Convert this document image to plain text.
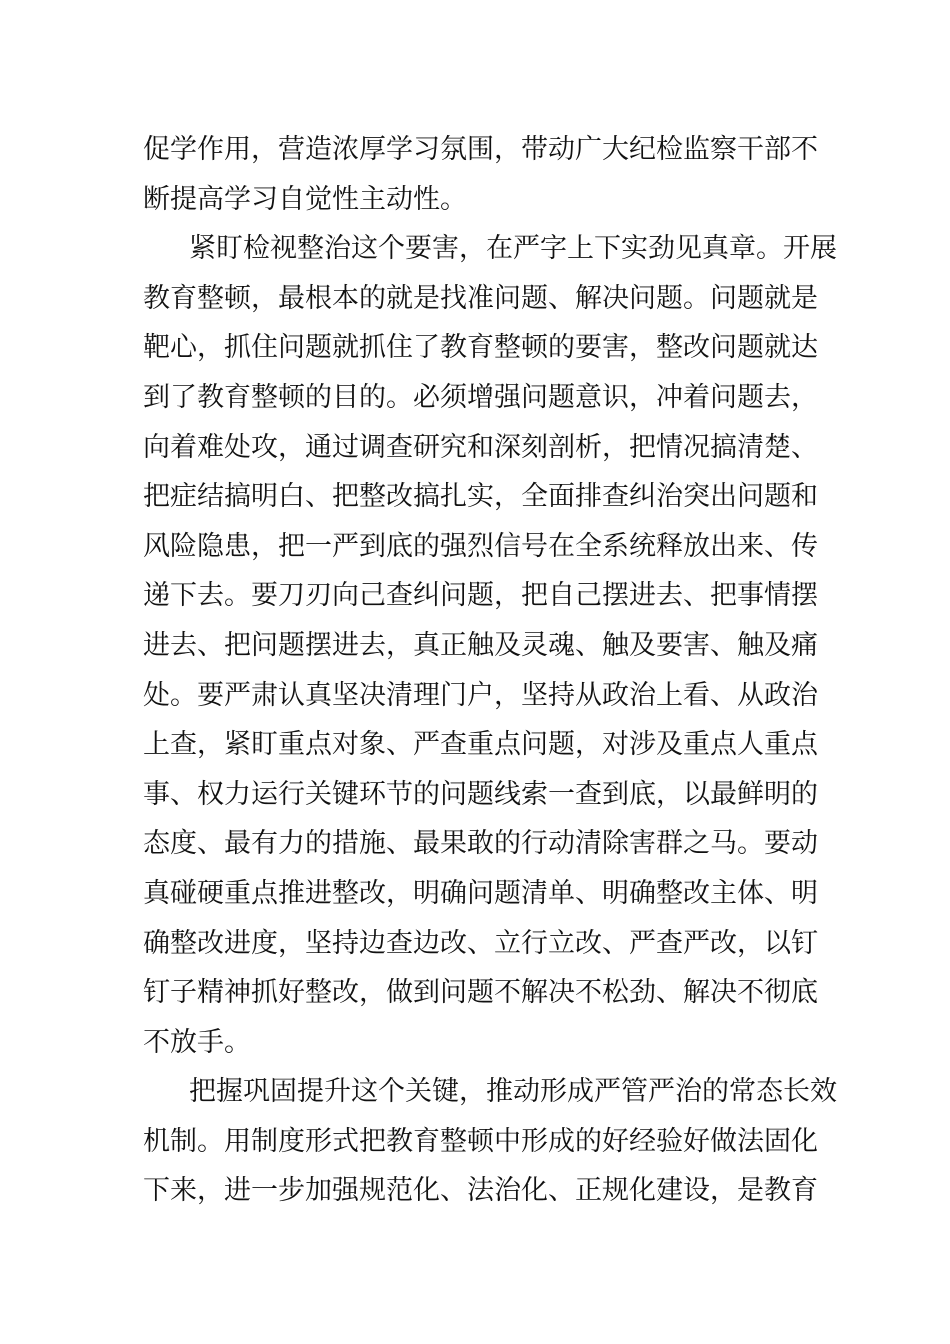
促学作用，营造浓厚学习氛围，带动广大纪检监察干部不
断提高学习自觉性主动性。
紧盯检视整治这个要害，在严字上下实劲见真章。开展
教育整顿，最根本的就是找准问题、解决问题。问题就是
靶心，抓住问题就抓住了教育整顿的要害，整改问题就达
到了教育整顿的目的。必须增强问题意识，冲着问题去，
向着难处攻，通过调查研究和深刻剖析，把情况搞清楚、
把症结搞明白、把整改搞扎实，全面排查纠治突出问题和
风险隐患，把一严到底的强烈信号在全系统释放出来、传
递下去。要刀刃向己查纠问题，把自己摆进去、把事情摆
进去、把问题摆进去，真正触及灵魂、触及要害、触及痛
处。要严肃认真坚决清理门户，坚持从政治上看、从政治
上查，紧盯重点对象、严查重点问题，对涉及重点人重点
事、权力运行关键环节的问题线索一查到底，以最鲜明的
态度、最有力的措施、最果敢的行动清除害群之马。要动
真碰硬重点推进整改，明确问题清单、明确整改主体、明
确整改进度，坚持边查边改、立行立改、严查严改，以钉
钉子精神抓好整改，做到问题不解决不松劲、解决不彻底
不放手。
把握巩固提升这个关键，推动形成严管严治的常态长效
机制。用制度形式把教育整顿中形成的好经验好做法固化
下来，进一步加强规范化、法治化、正规化建设，是教育
